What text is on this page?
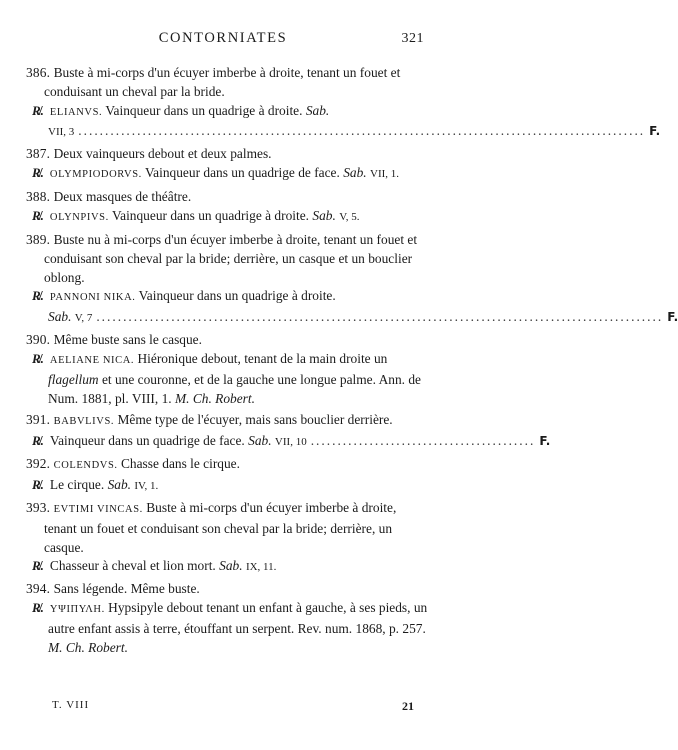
CONTORNIATES	321
386. Buste à mi-corps d'un écuyer imberbe à droite, tenant un fouet et conduisant un cheval par la bride.
R̸. ELIANVS. Vainqueur dans un quadrige à droite. Sab.
VII, 3 .......................................................................................................... F.
387. Deux vainqueurs debout et deux palmes.
R̸. OLYMPIODORVS. Vainqueur dans un quadrige de face. Sab. VII, 1.
388. Deux masques de théâtre.
R̸. OLYNPIVS. Vainqueur dans un quadrige à droite. Sab. V, 5.
389. Buste nu à mi-corps d'un écuyer imberbe à droite, tenant un fouet et conduisant son cheval par la bride; derrière, un casque et un bouclier oblong.
R̸. PANNONI NIKA. Vainqueur dans un quadrige à droite.
Sab. V, 7 .......................................................................................................... F.
390. Même buste sans le casque.
R̸. AELIANE NICA. Hiéronique debout, tenant de la main droite un flagellum et une couronne, et de la gauche une longue palme. Ann. de Num. 1881, pl. VIII, 1. M. Ch. Robert.
391. BABVLIVS. Même type de l'écuyer, mais sans bouclier derrière.
R̸. Vainqueur dans un quadrige de face. Sab. VII, 10 .......................................... F.
392. COLENDVS. Chasse dans le cirque.
R̸. Le cirque. Sab. IV, 1.
393. EVTIMI VINCAS. Buste à mi-corps d'un écuyer imberbe à droite, tenant un fouet et conduisant son cheval par la bride; derrière, un casque.
R̸. Chasseur à cheval et lion mort. Sab. IX, 11.
394. Sans légende. Même buste.
R̸. ΥΨΙΠΥΛΗ. Hypsipyle debout tenant un enfant à gauche, à ses pieds, un autre enfant assis à terre, étouffant un serpent. Rev. num. 1868, p. 257. M. Ch. Robert.
T. VIII	21
